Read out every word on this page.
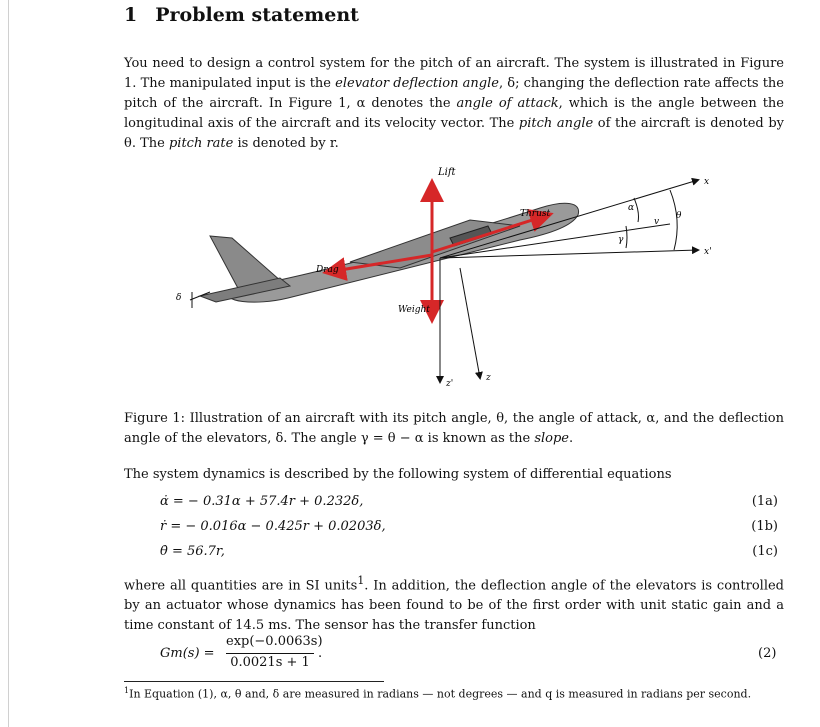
1 Problem statement

You need to design a control system for the pitch of an aircraft. The system is illustrated in Figure 1. The manipulated input is the elevator deflection angle, δ; changing the deflection rate affects the pitch of the aircraft. In Figure 1, α denotes the angle of attack, which is the angle between the longitudinal axis of the aircraft and its velocity vector. The pitch angle of the aircraft is denoted by θ. The pitch rate is denoted by r.

δ
Lift
Thrust
Drag
Weight
x
x'
z'
z
α
v
θ
γ

Figure 1: Illustration of an aircraft with its pitch angle, θ, the angle of attack, α, and the deflection angle of the elevators, δ. The angle γ = θ − α is known as the slope.

The system dynamics is described by the following system of differential equations

α̇ = − 0.31α + 57.4r + 0.232δ,	(1a)
ṙ = − 0.016α − 0.425r + 0.0203δ,	(1b)
θ̇ = 56.7r,	(1c)

where all quantities are in SI units$^1$. In addition, the deflection angle of the elevators is controlled by an actuator whose dynamics has been found to be of the first order with unit static gain and a time constant of 14.5 ms. The sensor has the transfer function

Gm(s) =
exp(−0.0063s)
0.0021s + 1
.	(2)
$^1$In Equation (1), α, θ and, δ are measured in radians — not degrees — and q is measured in radians per second.
